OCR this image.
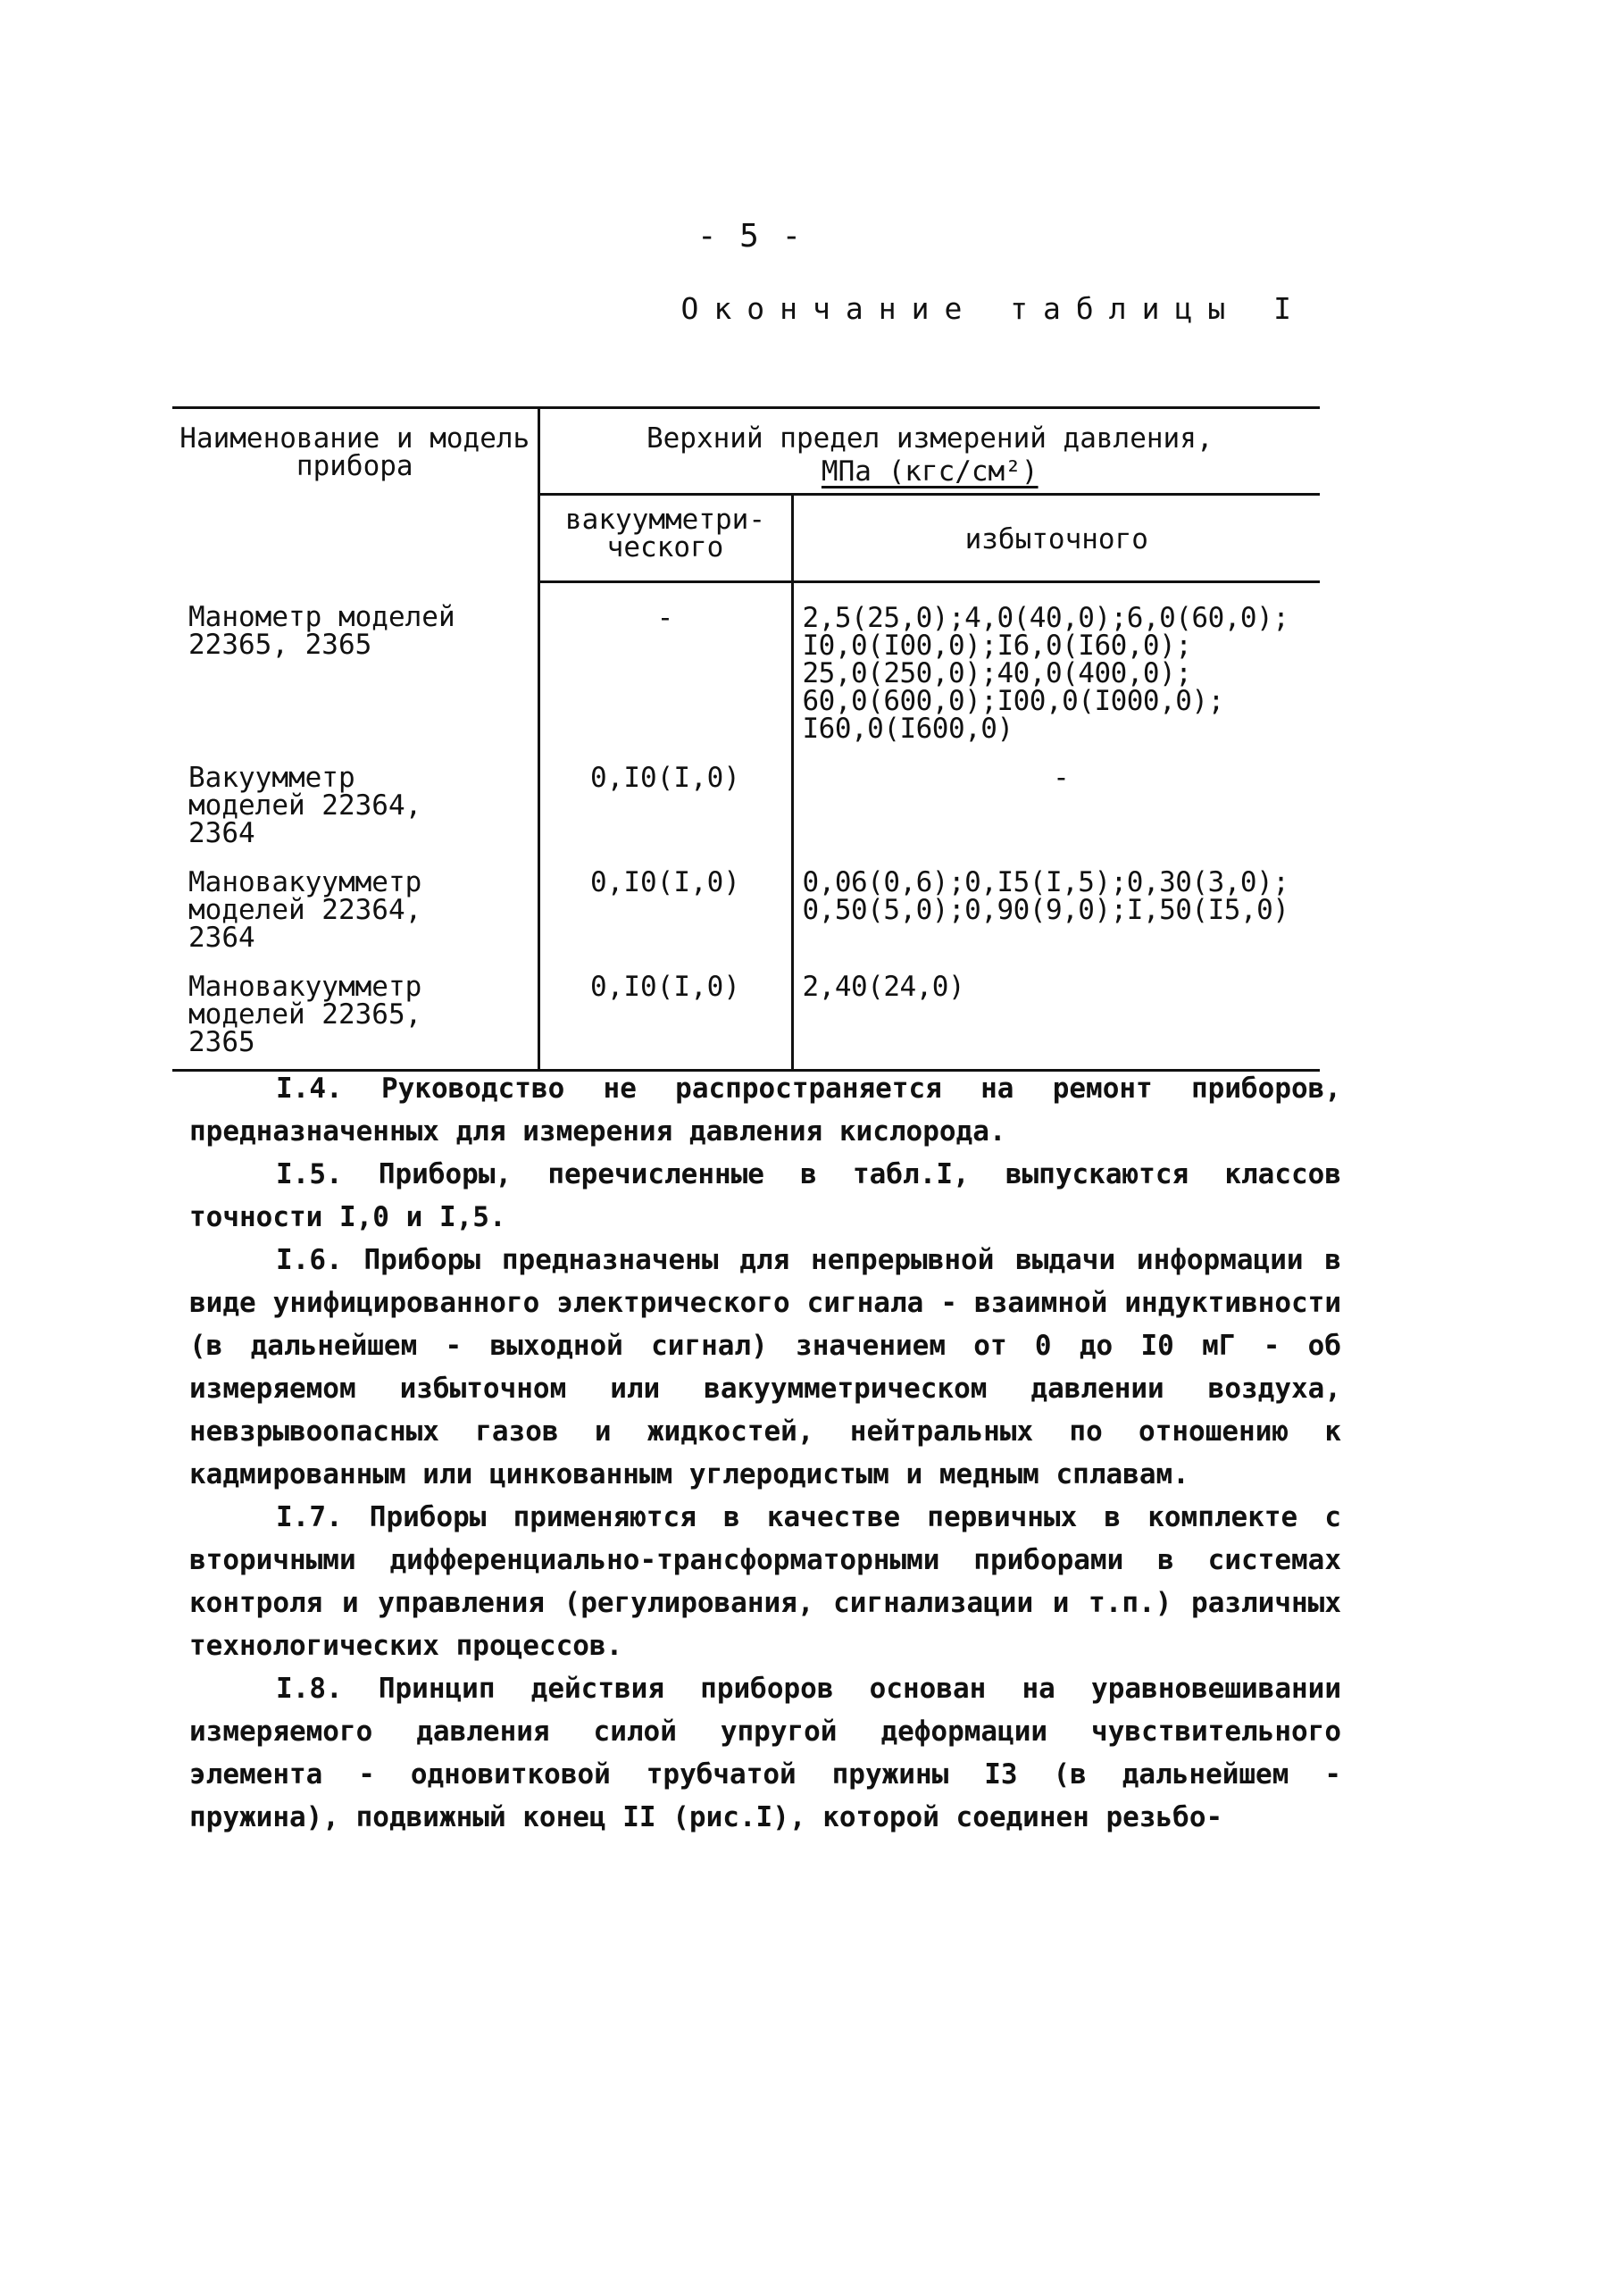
- 5 -
Окончание таблицы I
Наименование и модель прибора	Верхний предел измерений давления,
МПа (кгс/см²)	

	вакуумметри-ческого	избыточного
Манометр моделей 22365, 2365	-	2,5(25,0);4,0(40,0);6,0(60,0); I0,0(I00,0);I6,0(I60,0); 25,0(250,0);40,0(400,0); 60,0(600,0);I00,0(I000,0); I60,0(I600,0)
Вакуумметр моделей 22364, 2364	0,I0(I,0)	-
Мановакуумметр моделей 22364, 2364	0,I0(I,0)	0,06(0,6);0,I5(I,5);0,30(3,0); 0,50(5,0);0,90(9,0);I,50(I5,0)
Мановакуумметр моделей 22365, 2365	0,I0(I,0)	2,40(24,0)

I.4. Руководство не распространяется на ремонт приборов, предназначенных для измерения давления кислорода.

I.5. Приборы, перечисленные в табл.I, выпускаются классов точности I,0 и I,5.

I.6. Приборы предназначены для непрерывной выдачи информации в виде унифицированного электрического сигнала - взаимной индуктивности (в дальнейшем - выходной сигнал) значением от 0 до I0 мГ - об измеряемом избыточном или вакуумметрическом давлении воздуха, невзрывоопасных газов и жидкостей, нейтральных по отношению к кадмированным или цинкованным углеродистым и медным сплавам.

I.7. Приборы применяются в качестве первичных в комплекте с вторичными дифференциально-трансформаторными приборами в системах контроля и управления (регулирования, сигнализации и т.п.) различных технологических процессов.

I.8. Принцип действия приборов основан на уравновешивании измеряемого давления силой упругой деформации чувствительного элемента - одновитковой трубчатой пружины I3 (в дальнейшем - пружина), подвижный конец II (рис.I), которой соединен резьбо-
